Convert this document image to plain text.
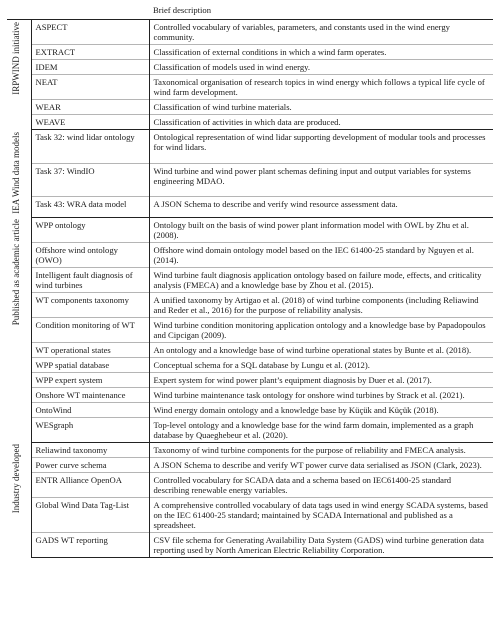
		Brief description
IRPWIND initiative	ASPECT	Controlled vocabulary of variables, parameters, and constants used in the wind energy community.
	EXTRACT	Classification of external conditions in which a wind farm operates.
	IDEM	Classification of models used in wind energy.
	NEAT	Taxonomical organisation of research topics in wind energy which follows a typical life cycle of wind farm development.
	WEAR	Classification of wind turbine materials.
	WEAVE	Classification of activities in which data are produced.
IEA Wind data models	Task 32: wind lidar ontology	Ontological representation of wind lidar supporting development of modular tools and processes for wind lidars.
	Task 37: WindIO	Wind turbine and wind power plant schemas defining input and output variables for systems engineering MDAO.
	Task 43: WRA data model	A JSON Schema to describe and verify wind resource assessment data.
Published as academic article	WPP ontology	Ontology built on the basis of wind power plant information model with OWL by Zhu et al. (2008).
	Offshore wind ontology (OWO)	Offshore wind domain ontology model based on the IEC 61400-25 standard by Nguyen et al. (2014).
	Intelligent fault diagnosis of wind turbines	Wind turbine fault diagnosis application ontology based on failure mode, effects, and criticality analysis (FMECA) and a knowledge base by Zhou et al. (2015).
	WT components taxonomy	A unified taxonomy by Artigao et al. (2018) of wind turbine components (including Reliawind and Reder et al., 2016) for the purpose of reliability analysis.
	Condition monitoring of WT	Wind turbine condition monitoring application ontology and a knowledge base by Papadopoulos and Cipcigan (2009).
	WT operational states	An ontology and a knowledge base of wind turbine operational states by Bunte et al. (2018).
	WPP spatial database	Conceptual schema for a SQL database by Lungu et al. (2012).
	WPP expert system	Expert system for wind power plant’s equipment diagnosis by Duer et al. (2017).
	Onshore WT maintenance	Wind turbine maintenance task ontology for onshore wind turbines by Strack et al. (2021).
	OntoWind	Wind energy domain ontology and a knowledge base by Küçük and Küçük (2018).
	WESgraph	Top-level ontology and a knowledge base for the wind farm domain, implemented as a graph database by Quaeghebeur et al. (2020).
Industry developed	Reliawind taxonomy	Taxonomy of wind turbine components for the purpose of reliability and FMECA analysis.
	Power curve schema	A JSON Schema to describe and verify WT power curve data serialised as JSON (Clark, 2023).
	ENTR Alliance OpenOA	Controlled vocabulary for SCADA data and a schema based on IEC61400-25 standard describing renewable energy variables.
	Global Wind Data Tag-List	A comprehensive controlled vocabulary of data tags used in wind energy SCADA systems, based on the IEC 61400-25 standard; maintained by SCADA International and published as a spreadsheet.
	GADS WT reporting	CSV file schema for Generating Availability Data System (GADS) wind turbine generation data reporting used by North American Electric Reliability Corporation.
